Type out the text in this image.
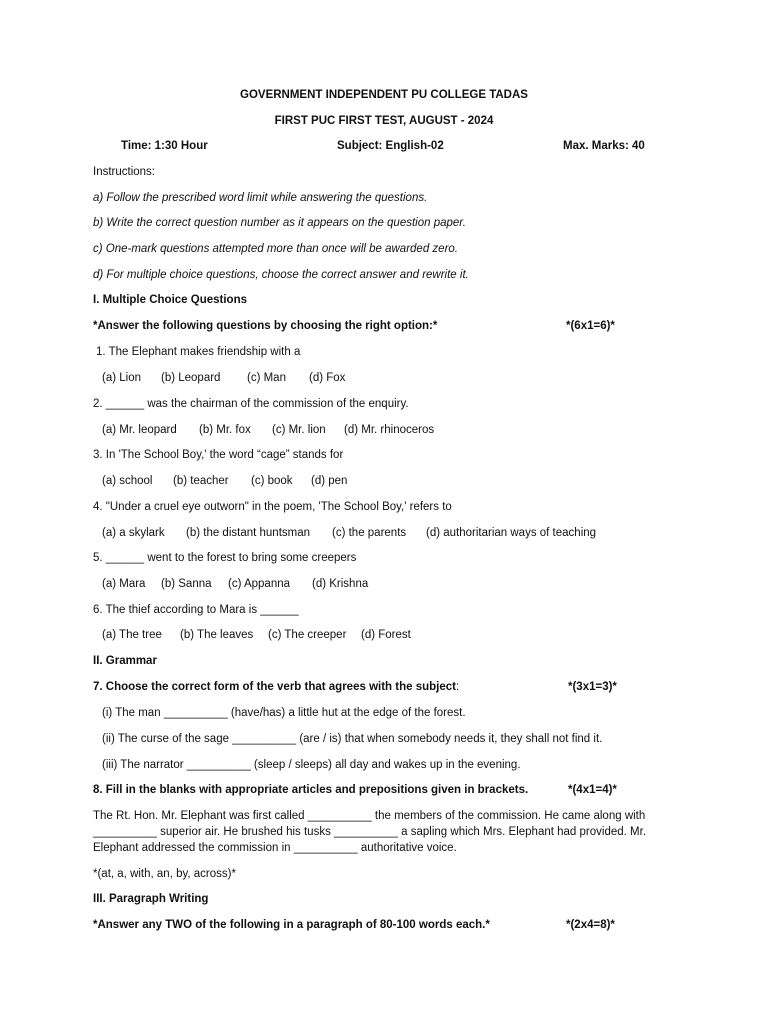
GOVERNMENT INDEPENDENT PU COLLEGE TADAS
FIRST PUC FIRST TEST, AUGUST - 2024
Time: 1:30 Hour	Subject: English-02	Max. Marks: 40
Instructions:
a) Follow the prescribed word limit while answering the questions.
b) Write the correct question number as it appears on the question paper.
c) One-mark questions attempted more than once will be awarded zero.
d) For multiple choice questions, choose the correct answer and rewrite it.
I. Multiple Choice Questions
*Answer the following questions by choosing the right option:*	*(6x1=6)*
1. The Elephant makes friendship with a
(a) Lion (b) Leopard (c) Man (d) Fox
2. ______ was the chairman of the commission of the enquiry.
(a) Mr. leopard (b) Mr. fox (c) Mr. lion (d) Mr. rhinoceros
3. In 'The School Boy,' the word “cage” stands for
(a) school (b) teacher (c) book (d) pen
4. "Under a cruel eye outworn" in the poem, 'The School Boy,' refers to
(a) a skylark (b) the distant huntsman (c) the parents (d) authoritarian ways of teaching
5. ______ went to the forest to bring some creepers
(a) Mara (b) Sanna (c) Appanna (d) Krishna
6. The thief according to Mara is ______
(a) The tree (b) The leaves (c) The creeper (d) Forest
II. Grammar
7. Choose the correct form of the verb that agrees with the subject:	*(3x1=3)*
(i) The man __________ (have/has) a little hut at the edge of the forest.
(ii) The curse of the sage __________ (are / is) that when somebody needs it, they shall not find it.
(iii) The narrator __________ (sleep / sleeps) all day and wakes up in the evening.
8. Fill in the blanks with appropriate articles and prepositions given in brackets.	*(4x1=4)*
The Rt. Hon. Mr. Elephant was first called __________ the members of the commission. He came along with
__________ superior air. He brushed his tusks __________ a sapling which Mrs. Elephant had provided. Mr.
Elephant addressed the commission in __________ authoritative voice.
*(at, a, with, an, by, across)*
III. Paragraph Writing
*Answer any TWO of the following in a paragraph of 80-100 words each.*	*(2x4=8)*
